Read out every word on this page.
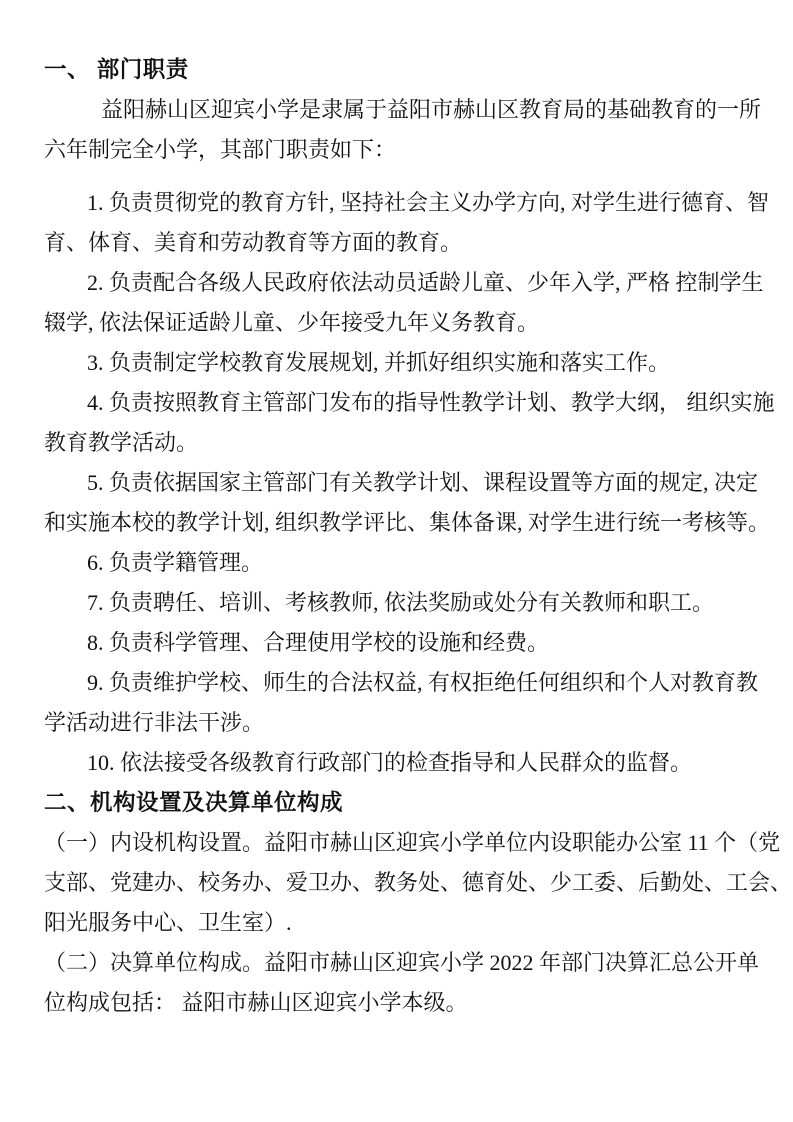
一、 部门职责
益阳赫山区迎宾小学是隶属于益阳市赫山区教育局的基础教育的一所
六年制完全小学，其部门职责如下：
1. 负责贯彻党的教育方针, 坚持社会主义办学方向, 对学生进行德育、智
育、体育、美育和劳动教育等方面的教育。
2. 负责配合各级人民政府依法动员适龄儿童、少年入学, 严格 控制学生
辍学, 依法保证适龄儿童、少年接受九年义务教育。
3. 负责制定学校教育发展规划, 并抓好组织实施和落实工作。
4. 负责按照教育主管部门发布的指导性教学计划、教学大纲， 组织实施
教育教学活动。
5. 负责依据国家主管部门有关教学计划、课程设置等方面的规定, 决定
和实施本校的教学计划, 组织教学评比、集体备课, 对学生进行统一考核等。
6. 负责学籍管理。
7. 负责聘任、培训、考核教师, 依法奖励或处分有关教师和职工。
8. 负责科学管理、合理使用学校的设施和经费。
9. 负责维护学校、师生的合法权益, 有权拒绝任何组织和个人对教育教
学活动进行非法干涉。
10. 依法接受各级教育行政部门的检查指导和人民群众的监督。
二、机构设置及决算单位构成
（一）内设机构设置。益阳市赫山区迎宾小学单位内设职能办公室 11 个（党
支部、党建办、校务办、爱卫办、教务处、德育处、少工委、后勤处、工会、
阳光服务中心、卫生室）.
（二）决算单位构成。益阳市赫山区迎宾小学 2022 年部门决算汇总公开单
位构成包括： 益阳市赫山区迎宾小学本级。
